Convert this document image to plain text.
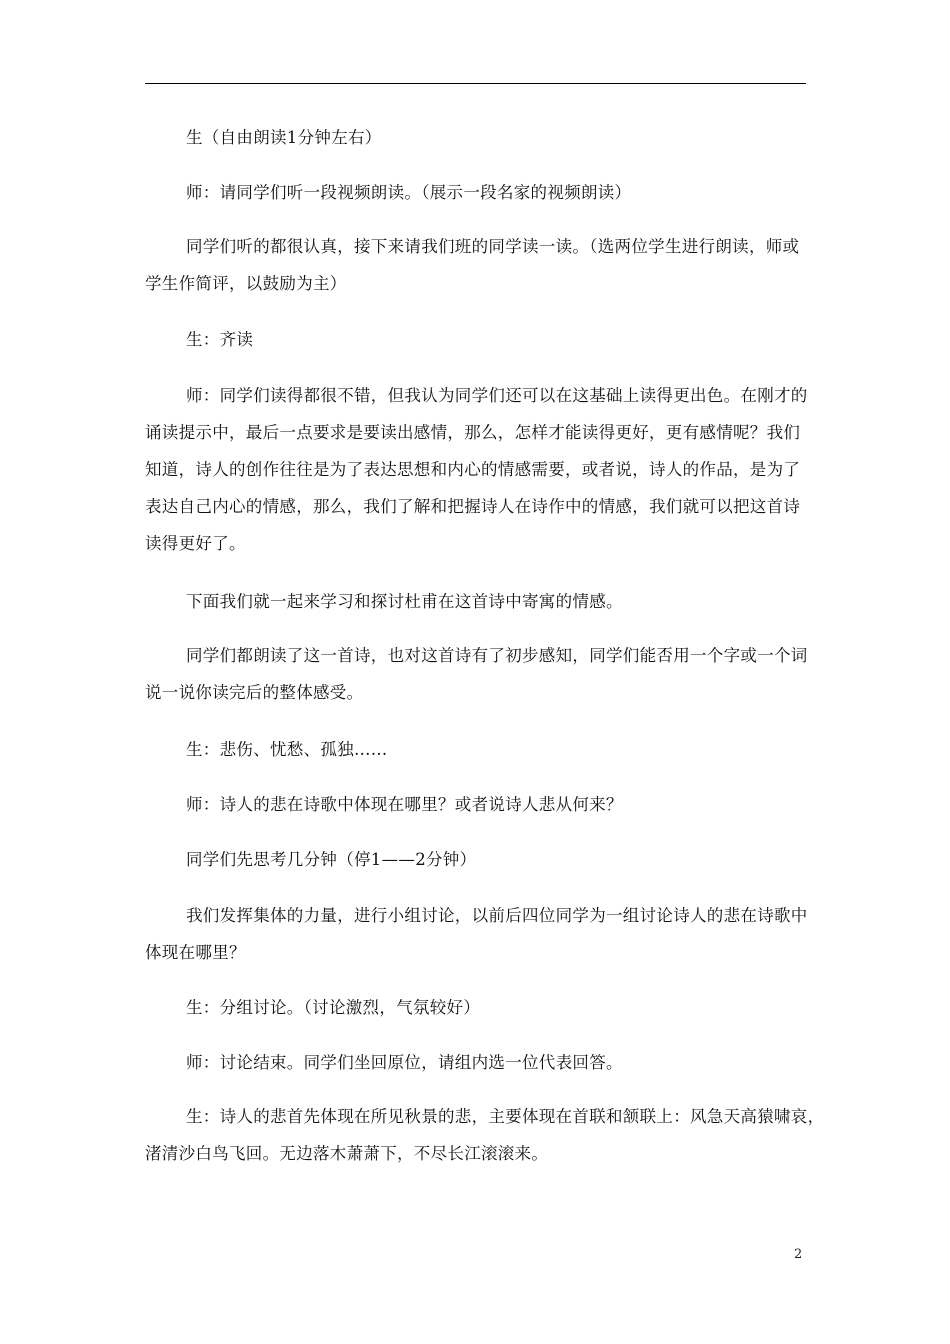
生（自由朗读1分钟左右）
师：请同学们听一段视频朗读。（展示一段名家的视频朗读）
同学们听的都很认真，接下来请我们班的同学读一读。（选两位学生进行朗读，师或
学生作简评，以鼓励为主）
生：齐读
师：同学们读得都很不错，但我认为同学们还可以在这基础上读得更出色。在刚才的
诵读提示中，最后一点要求是要读出感情，那么，怎样才能读得更好，更有感情呢？我们
知道，诗人的创作往往是为了表达思想和内心的情感需要，或者说，诗人的作品，是为了
表达自己内心的情感，那么，我们了解和把握诗人在诗作中的情感，我们就可以把这首诗
读得更好了。
下面我们就一起来学习和探讨杜甫在这首诗中寄寓的情感。
同学们都朗读了这一首诗，也对这首诗有了初步感知，同学们能否用一个字或一个词
说一说你读完后的整体感受。
生：悲伤、忧愁、孤独……
师：诗人的悲在诗歌中体现在哪里？或者说诗人悲从何来？
同学们先思考几分钟（停1——2分钟）
我们发挥集体的力量，进行小组讨论，以前后四位同学为一组讨论诗人的悲在诗歌中
体现在哪里？
生：分组讨论。（讨论激烈，气氛较好）
师：讨论结束。同学们坐回原位，请组内选一位代表回答。
生：诗人的悲首先体现在所见秋景的悲，主要体现在首联和颔联上：风急天高猿啸哀，
渚清沙白鸟飞回。无边落木萧萧下，不尽长江滚滚来。
2
